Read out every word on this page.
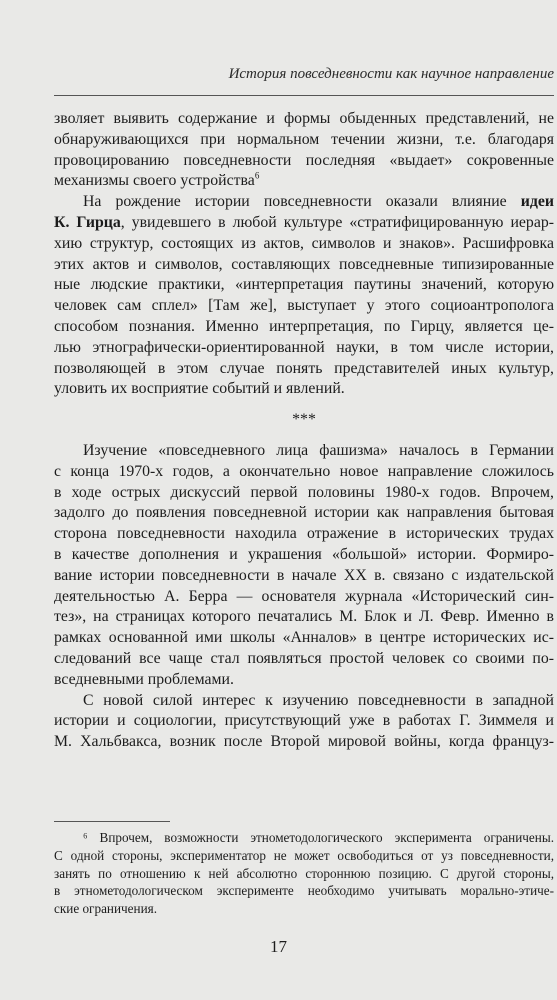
История повседневности как научное направление
зволяет выявить содержание и формы обыденных представлений, не
обнаруживающихся при нормальном течении жизни, т.е. благодаря
провоцированию повседневности последняя «выдает» сокровенные
механизмы своего устройства$^6$
На рождение истории повседневности оказали влияние идеи
К. Гирца, увидевшего в любой культуре «стратифицированную иерар-
хию структур, состоящих из актов, символов и знаков». Расшифровка
этих актов и символов, составляющих повседневные типизированные
ные людские практики, «интерпретация паутины значений, которую
человек сам сплел» [Там же], выступает у этого социоантрополога
способом познания. Именно интерпретация, по Гирцу, является це-
лью этнографически-ориентированной науки, в том числе истории,
позволяющей в этом случае понять представителей иных культур,
уловить их восприятие событий и явлений.
***
Изучение «повседневного лица фашизма» началось в Германии
с конца 1970-х годов, а окончательно новое направление сложилось
в ходе острых дискуссий первой половины 1980-х годов. Впрочем,
задолго до появления повседневной истории как направления бытовая
сторона повседневности находила отражение в исторических трудах
в качестве дополнения и украшения «большой» истории. Формиро-
вание истории повседневности в начале XX в. связано с издательской
деятельностью А. Берра — основателя журнала «Исторический син-
тез», на страницах которого печатались М. Блок и Л. Февр. Именно в
рамках основанной ими школы «Анналов» в центре исторических ис-
следований все чаще стал появляться простой человек со своими по-
вседневными проблемами.
С новой силой интерес к изучению повседневности в западной
истории и социологии, присутствующий уже в работах Г. Зиммеля и
М. Хальбвакса, возник после Второй мировой войны, когда француз-
⁶ Впрочем, возможности этнометодологического эксперимента ограничены.
С одной стороны, экспериментатор не может освободиться от уз повседневности,
занять по отношению к ней абсолютно стороннюю позицию. С другой стороны,
в этнометодологическом эксперименте необходимо учитывать морально-этиче-
ские ограничения.
17
